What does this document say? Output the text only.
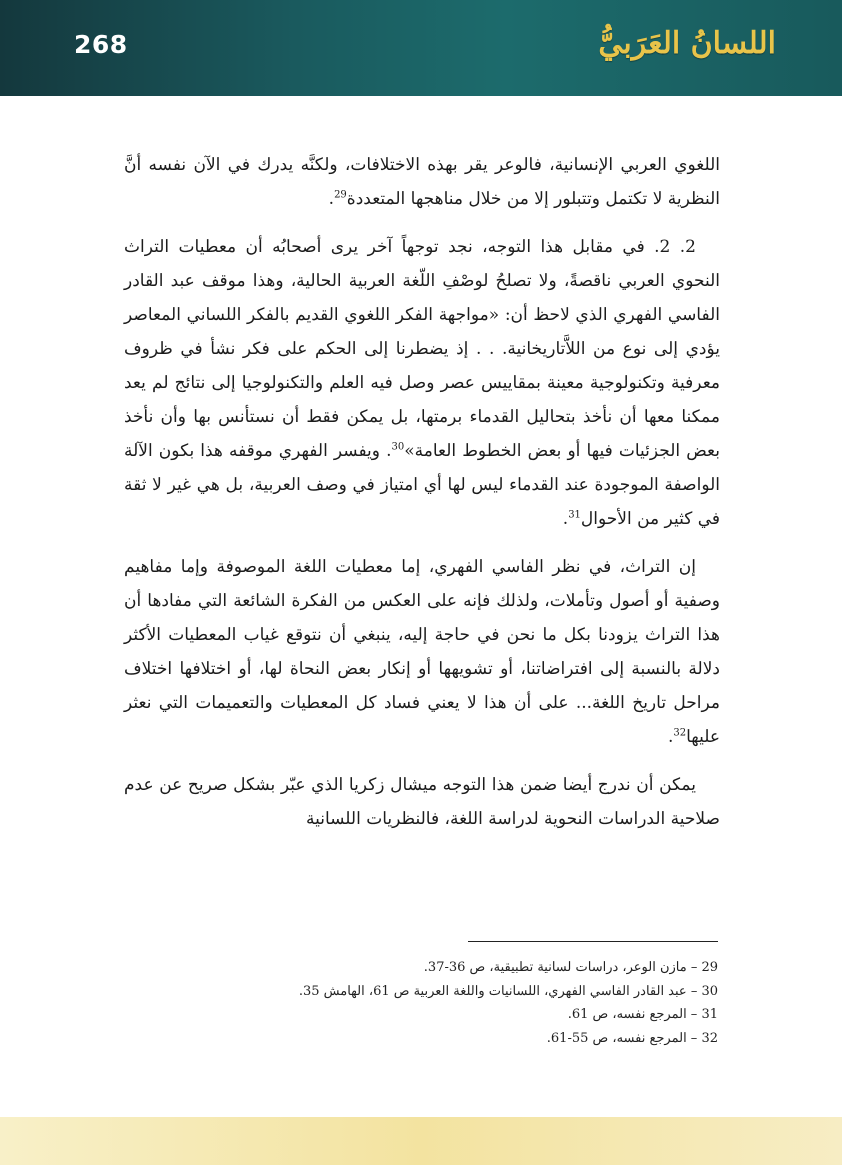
268	اللسانُ العَرَبيُّ

اللغوي العربي الإنسانية، فالوعر يقر بهذه الاختلافات، ولكنَّه يدرك في الآن نفسه أنَّ النظرية لا تكتمل وتتبلور إلا من خلال مناهجها المتعددة$^{29}$.

2. 2. في مقابل هذا التوجه، نجد توجهاً آخر يرى أصحابُه أن معطيات التراث النحوي العربي ناقصةً، ولا تصلحُ لوصْفِ اللّغة العربية الحالية، وهذا موقف عبد القادر الفاسي الفهري الذي لاحظ أن: «مواجهة الفكر اللغوي القديم بالفكر اللساني المعاصر يؤدي إلى نوع من اللاَّتاريخانية. . . إذ يضطرنا إلى الحكم على فكر نشأ في ظروف معرفية وتكنولوجية معينة بمقاييس عصر وصل فيه العلم والتكنولوجيا إلى نتائج لم يعد ممكنا معها أن نأخذ بتحاليل القدماء برمتها، بل يمكن فقط أن نستأنس بها وأن نأخذ بعض الجزئيات فيها أو بعض الخطوط العامة»$^{30}$. ويفسر الفهري موقفه هذا بكون الآلة الواصفة الموجودة عند القدماء ليس لها أي امتياز في وصف العربية، بل هي غير لا ثقة في كثير من الأحوال$^{31}$.

إن التراث، في نظر الفاسي الفهري، إما معطيات اللغة الموصوفة وإما مفاهيم وصفية أو أصول وتأملات، ولذلك فإنه على العكس من الفكرة الشائعة التي مفادها أن هذا التراث يزودنا بكل ما نحن في حاجة إليه، ينبغي أن نتوقع غياب المعطيات الأكثر دلالة بالنسبة إلى افتراضاتنا، أو تشويهها أو إنكار بعض النحاة لها، أو اختلافها اختلاف مراحل تاريخ اللغة... على أن هذا لا يعني فساد كل المعطيات والتعميمات التي نعثر عليها$^{32}$.

يمكن أن ندرج أيضا ضمن هذا التوجه ميشال زكريا الذي عبّر بشكل صريح عن عدم صلاحية الدراسات النحوية لدراسة اللغة، فالنظريات اللسانية

29 – مازن الوعر، دراسات لسانية تطبيقية، ص 36-37.

30 – عبد القادر الفاسي الفهري، اللسانيات واللغة العربية ص 61، الهامش 35.

31 – المرجع نفسه، ص 61.

32 – المرجع نفسه، ص 55-61.
